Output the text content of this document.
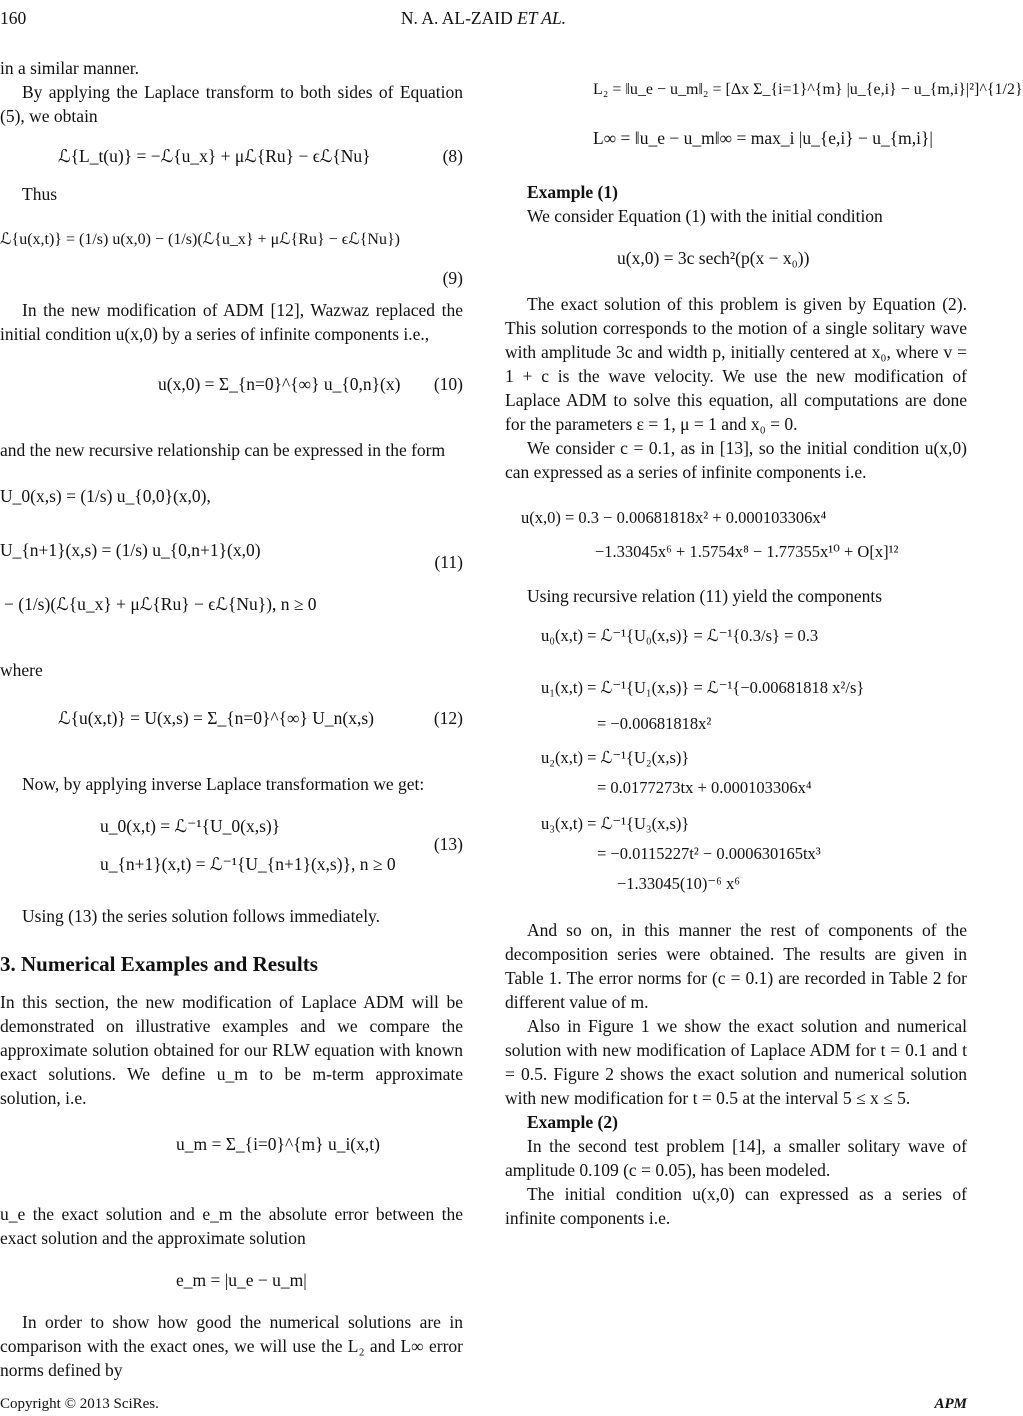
160	N. A. AL-ZAID ET AL.

in a similar manner.

By applying the Laplace transform to both sides of Equation (5), we obtain

ℒ{L_t(u)} = −ℒ{u_x} + μℒ{Ru} − ϵℒ{Nu}	(8)

Thus

ℒ{u(x,t)} = (1/s) u(x,0) − (1/s)(ℒ{u_x} + μℒ{Ru} − ϵℒ{Nu})
(9)

In the new modification of ADM [12], Wazwaz replaced the initial condition u(x,0) by a series of infinite components i.e.,

u(x,0) = Σ_{n=0}^{∞} u_{0,n}(x) (10)

and the new recursive relationship can be expressed in the form

U_0(x,s) = (1/s) u_{0,0}(x,0),
U_{n+1}(x,s) = (1/s) u_{0,n+1}(x,0)
− (1/s)(ℒ{u_x} + μℒ{Ru} − ϵℒ{Nu}), n ≥ 0
(11)

where

ℒ{u(x,t)} = U(x,s) = Σ_{n=0}^{∞} U_n(x,s)	(12)

Now, by applying inverse Laplace transformation we get:

u_0(x,t) = ℒ⁻¹{U_0(x,s)}
u_{n+1}(x,t) = ℒ⁻¹{U_{n+1}(x,s)}, n ≥ 0
(13)

Using (13) the series solution follows immediately.

3. Numerical Examples and Results

In this section, the new modification of Laplace ADM will be demonstrated on illustrative examples and we compare the approximate solution obtained for our RLW equation with known exact solutions. We define u_m to be m-term approximate solution, i.e.

u_m = Σ_{i=0}^{m} u_i(x,t)

u_e the exact solution and e_m the absolute error between the exact solution and the approximate solution

e_m = |u_e − u_m|

In order to show how good the numerical solutions are in comparison with the exact ones, we will use the L₂ and L∞ error norms defined by

L₂ = ‖u_e − u_m‖₂ = [Δx Σ_{i=1}^{m} |u_{e,i} − u_{m,i}|²]^{1/2}
L∞ = ‖u_e − u_m‖∞ = max_i |u_{e,i} − u_{m,i}|

Example (1)

We consider Equation (1) with the initial condition

u(x,0) = 3c sech²(p(x − x₀))

The exact solution of this problem is given by Equation (2). This solution corresponds to the motion of a single solitary wave with amplitude 3c and width p, initially centered at x₀, where v = 1 + c is the wave velocity. We use the new modification of Laplace ADM to solve this equation, all computations are done for the parameters ε = 1, μ = 1 and x₀ = 0.

We consider c = 0.1, as in [13], so the initial condition u(x,0) can expressed as a series of infinite components i.e.

u(x,0) = 0.3 − 0.00681818x² + 0.000103306x⁴
−1.33045x⁶ + 1.5754x⁸ − 1.77355x¹⁰ + O[x]¹²

Using recursive relation (11) yield the components

u₀(x,t) = ℒ⁻¹{U₀(x,s)} = ℒ⁻¹{0.3/s} = 0.3
u₁(x,t) = ℒ⁻¹{U₁(x,s)} = ℒ⁻¹{−0.00681818 x²/s}
= −0.00681818x²
u₂(x,t) = ℒ⁻¹{U₂(x,s)}
= 0.0177273tx + 0.000103306x⁴
u₃(x,t) = ℒ⁻¹{U₃(x,s)}
= −0.0115227t² − 0.000630165tx³
−1.33045(10)⁻⁶ x⁶

And so on, in this manner the rest of components of the decomposition series were obtained. The results are given in Table 1. The error norms for (c = 0.1) are recorded in Table 2 for different value of m.

Also in Figure 1 we show the exact solution and numerical solution with new modification of Laplace ADM for t = 0.1 and t = 0.5. Figure 2 shows the exact solution and numerical solution with new modification for t = 0.5 at the interval 5 ≤ x ≤ 5.

Example (2)

In the second test problem [14], a smaller solitary wave of amplitude 0.109 (c = 0.05), has been modeled.

The initial condition u(x,0) can expressed as a series of infinite components i.e.

Copyright © 2013 SciRes.	APM
